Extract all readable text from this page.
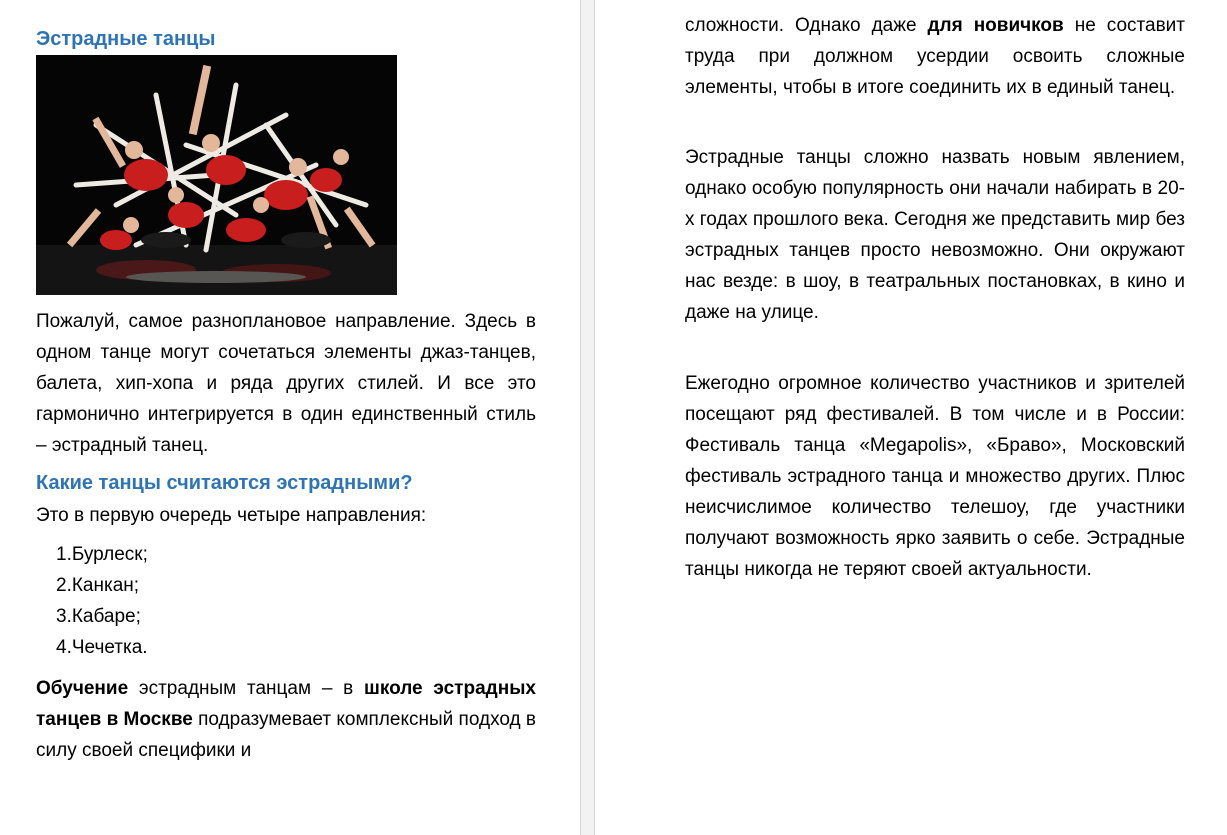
Эстрадные танцы

Пожалуй, самое разноплановое направление. Здесь в одном танце могут сочетаться элементы джаз-танцев, балета, хип-хопа и ряда других стилей. И все это гармонично интегрируется в один единственный стиль – эстрадный танец.

Какие танцы считаются эстрадными?

Это в первую очередь четыре направления:

1.Бурлеск;
2.Канкан;
3.Кабаре;
4.Чечетка.

Обучение эстрадным танцам – в школе эстрадных танцев в Москве подразумевает комплексный подход в силу своей специфики и

сложности. Однако даже для новичков не составит труда при должном усердии освоить сложные элементы, чтобы в итоге соединить их в единый танец.

Эстрадные танцы сложно назвать новым явлением, однако особую популярность они начали набирать в 20-х годах прошлого века. Сегодня же представить мир без эстрадных танцев просто невозможно. Они окружают нас везде: в шоу, в театральных постановках, в кино и даже на улице.

Ежегодно огромное количество участников и зрителей посещают ряд фестивалей. В том числе и в России: Фестиваль танца «Megapolis», «Браво», Московский фестиваль эстрадного танца и множество других. Плюс неисчислимое количество телешоу, где участники получают возможность ярко заявить о себе. Эстрадные танцы никогда не теряют своей актуальности.
